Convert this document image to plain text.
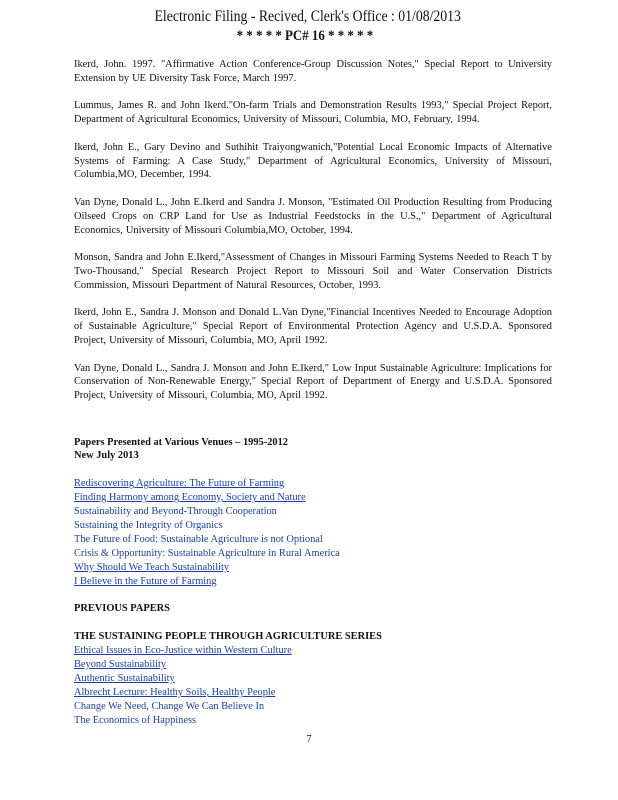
Electronic Filing - Recived, Clerk's Office : 01/08/2013
* * * * * PC# 16 * * * * *

Ikerd, John. 1997. "Affirmative Action Conference-Group Discussion Notes," Special Report to University Extension by UE Diversity Task Force, March 1997.

Lummus, James R. and John Ikerd."On-farm Trials and Demonstration Results 1993," Special Project Report, Department of Agricultural Economics, University of Missouri, Columbia, MO, February, 1994.

Ikerd, John E., Gary Devino and Suthihit Traiyongwanich,"Potential Local Economic Impacts of Alternative Systems of Farming: A Case Study," Department of Agricultural Economics, University of Missouri, Columbia,MO, December, 1994.

Van Dyne, Donald L., John E.Ikerd and Sandra J. Monson, "Estimated Oil Production Resulting from Producing Oilseed Crops on CRP Land for Use as Industrial Feedstocks in the U.S.," Department of Agricultural Economics, University of Missouri Columbia,MO, October, 1994.

Monson, Sandra and John E.Ikerd,"Assessment of Changes in Missouri Farming Systems Needed to Reach T by Two-Thousand," Special Research Project Report to Missouri Soil and Water Conservation Districts Commission, Missouri Department of Natural Resources, October, 1993.

Ikerd, John E., Sandra J. Monson and Donald L.Van Dyne,"Financial Incentives Needed to Encourage Adoption of Sustainable Agriculture," Special Report of Environmental Protection Agency and U.S.D.A. Sponsored Project, University of Missouri, Columbia, MO, April 1992.

Van Dyne, Donald L., Sandra J. Monson and John E.Ikerd," Low Input Sustainable Agriculture: Implications for Conservation of Non-Renewable Energy," Special Report of Department of Energy and U.S.D.A. Sponsored Project, University of Missouri, Columbia, MO, April 1992.

Papers Presented at Various Venues – 1995-2012
New July 2013
Rediscovering Agriculture: The Future of Farming
Finding Harmony among Economy, Society and Nature
Sustainability and Beyond-Through Cooperation
Sustaining the Integrity of Organics
The Future of Food: Sustainable Agriculture is not Optional
Crisis & Opportunity: Sustainable Agriculture in Rural America
Why Should We Teach Sustainability
I Believe in the Future of Farming
PREVIOUS PAPERS
THE SUSTAINING PEOPLE THROUGH AGRICULTURE SERIES
Ethical Issues in Eco-Justice within Western Culture
Beyond Sustainability
Authentic Sustainability
Albrecht Lecture: Healthy Soils, Healthy People
Change We Need, Change We Can Believe In
The Economics of Happiness
7
